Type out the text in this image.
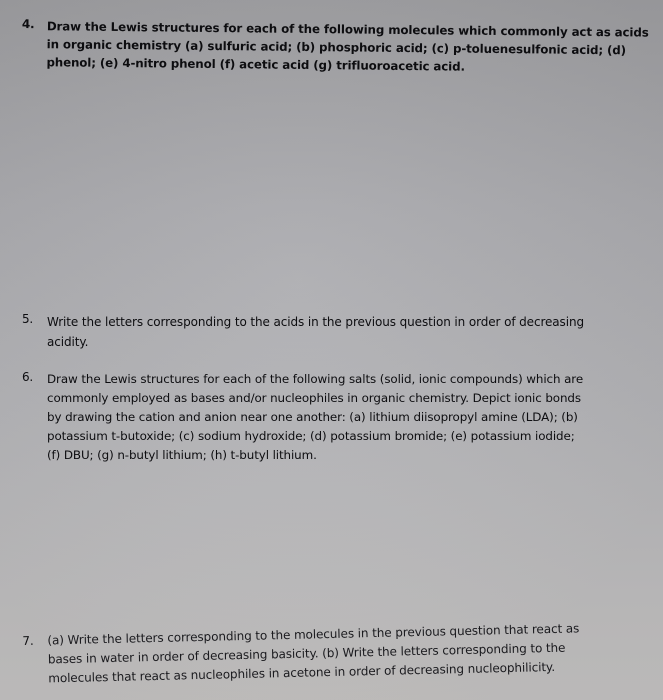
4. Draw the Lewis structures for each of the following molecules which commonly act as acids
in organic chemistry (a) sulfuric acid; (b) phosphoric acid; (c) p-toluenesulfonic acid; (d)
phenol; (e) 4-nitro phenol (f) acetic acid (g) trifluoroacetic acid.
5. Write the letters corresponding to the acids in the previous question in order of decreasing
acidity.
6. Draw the Lewis structures for each of the following salts (solid, ionic compounds) which are
commonly employed as bases and/or nucleophiles in organic chemistry. Depict ionic bonds
by drawing the cation and anion near one another: (a) lithium diisopropyl amine (LDA); (b)
potassium t-butoxide; (c) sodium hydroxide; (d) potassium bromide; (e) potassium iodide;
(f) DBU; (g) n-butyl lithium; (h) t-butyl lithium.
7. (a) Write the letters corresponding to the molecules in the previous question that react as
bases in water in order of decreasing basicity. (b) Write the letters corresponding to the
molecules that react as nucleophiles in acetone in order of decreasing nucleophilicity.
